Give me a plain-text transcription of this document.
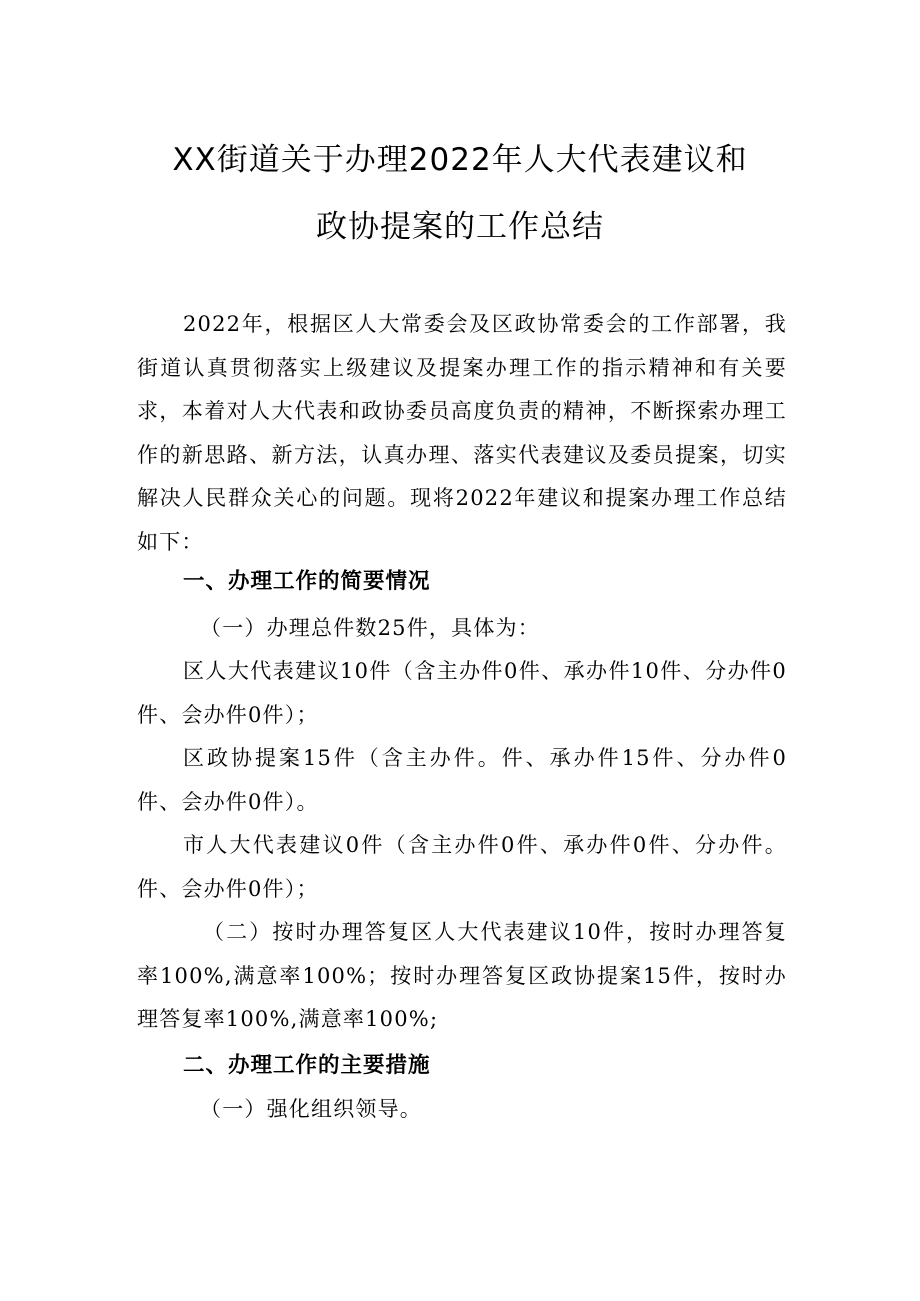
XX街道关于办理2022年人大代表建议和
政协提案的工作总结

2022年，根据区人大常委会及区政协常委会的工作部署，我街道认真贯彻落实上级建议及提案办理工作的指示精神和有关要求，本着对人大代表和政协委员高度负责的精神，不断探索办理工作的新思路、新方法，认真办理、落实代表建议及委员提案，切实解决人民群众关心的问题。现将2022年建议和提案办理工作总结如下：

一、办理工作的简要情况

（一）办理总件数25件，具体为：

区人大代表建议10件（含主办件0件、承办件10件、分办件0件、会办件0件）；

区政协提案15件（含主办件。件、承办件15件、分办件0件、会办件0件）。

市人大代表建议0件（含主办件0件、承办件0件、分办件。件、会办件0件）；

（二）按时办理答复区人大代表建议10件，按时办理答复率100%,满意率100%；按时办理答复区政协提案15件，按时办理答复率100%,满意率100%;

二、办理工作的主要措施

（一）强化组织领导。
